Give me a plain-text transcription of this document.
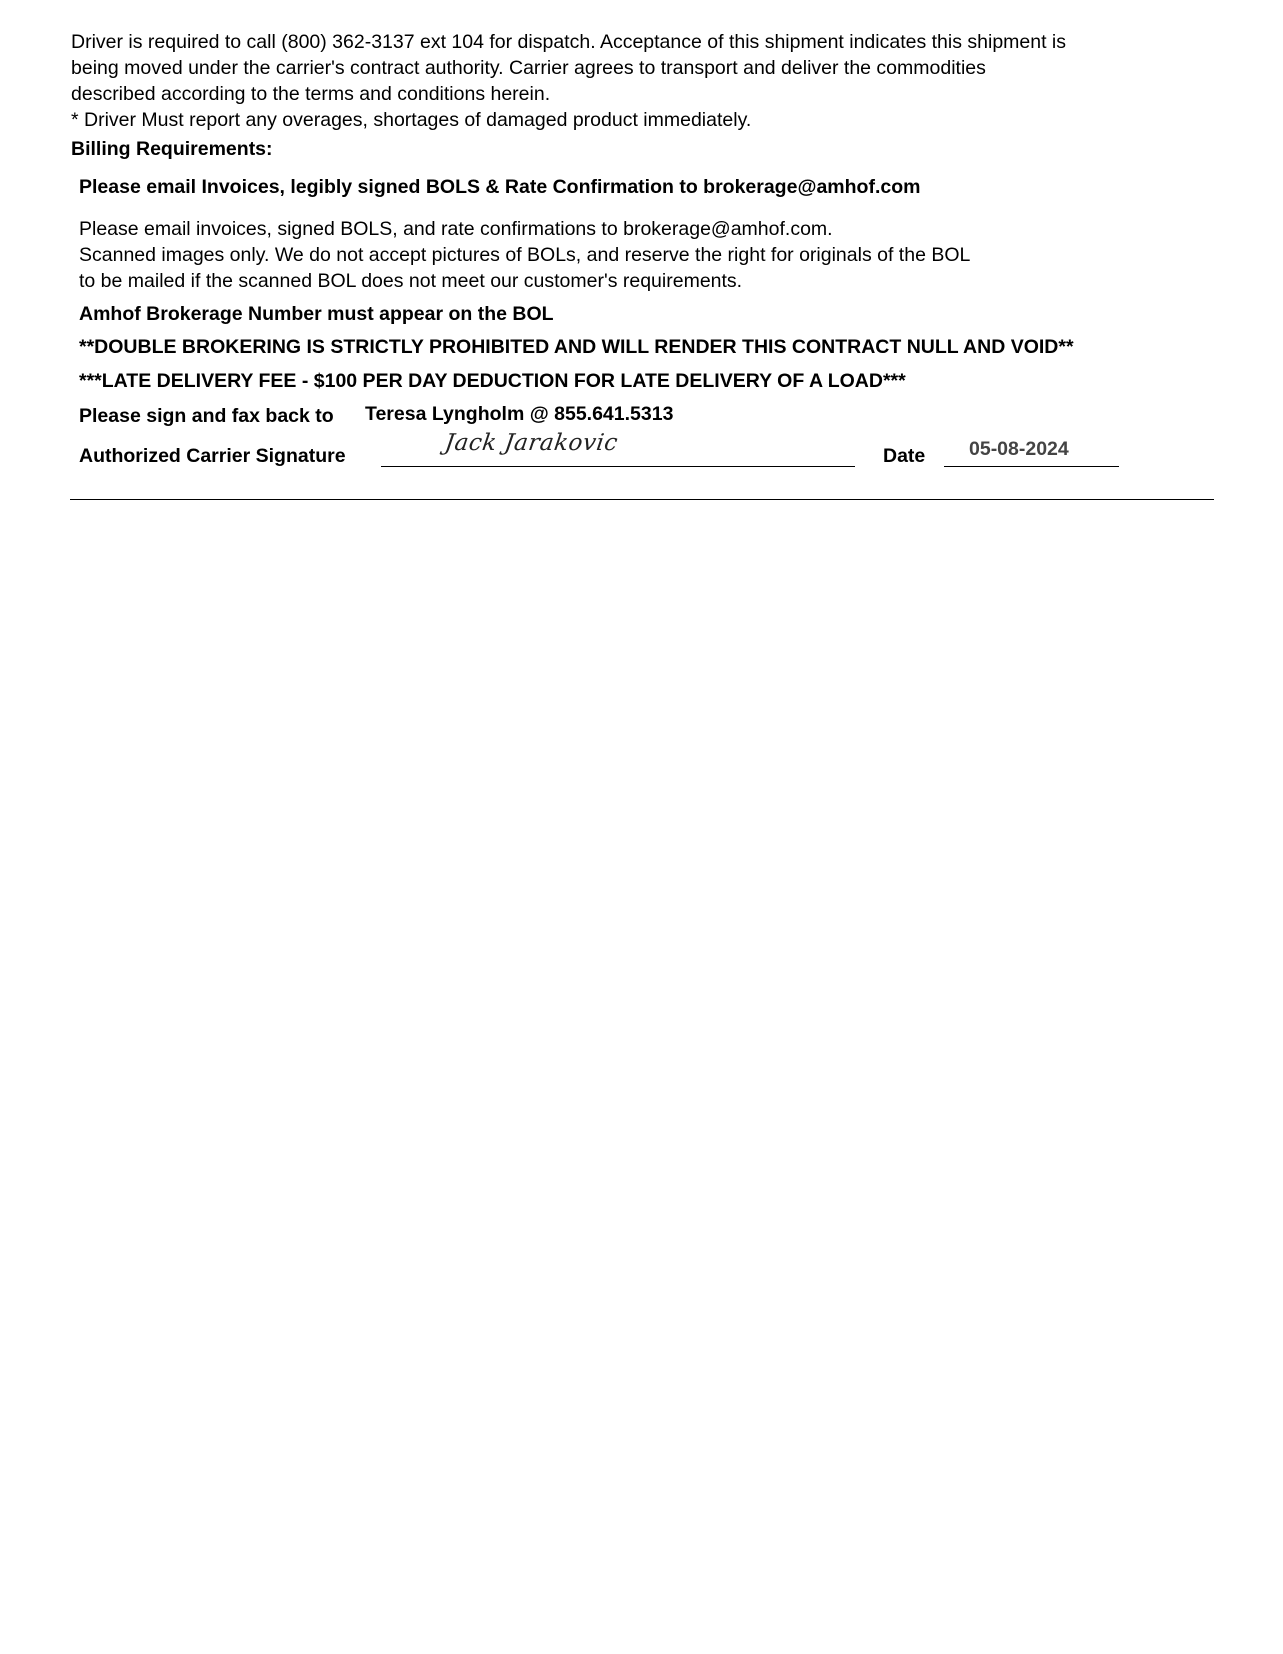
Driver is required to call (800) 362-3137 ext 104 for dispatch. Acceptance of this shipment indicates this shipment is
being moved under the carrier's contract authority. Carrier agrees to transport and deliver the commodities
described according to the terms and conditions herein.
* Driver Must report any overages, shortages of damaged product immediately.
Billing Requirements:
Please email Invoices, legibly signed BOLS & Rate Confirmation to brokerage@amhof.com
Please email invoices, signed BOLS, and rate confirmations to brokerage@amhof.com.
Scanned images only. We do not accept pictures of BOLs, and reserve the right for originals of the BOL
to be mailed if the scanned BOL does not meet our customer's requirements.
Amhof Brokerage Number must appear on the BOL
**DOUBLE BROKERING IS STRICTLY PROHIBITED AND WILL RENDER THIS CONTRACT NULL AND VOID**
***LATE DELIVERY FEE - $100 PER DAY DEDUCTION FOR LATE DELIVERY OF A LOAD***
Please sign and fax back to Teresa Lyngholm @ 855.641.5313
Authorized Carrier Signature	Jack Jarakovic	Date 05-08-2024
